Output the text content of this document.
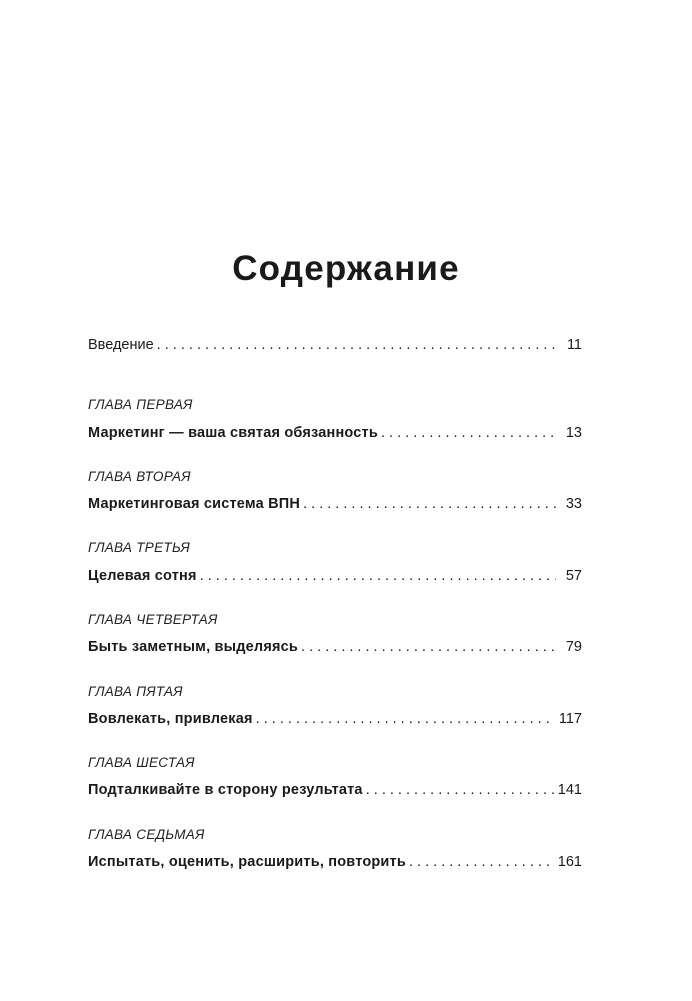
Содержание
Введение . . .	11
ГЛАВА ПЕРВАЯ
Маркетинг — ваша святая обязанность . . .	13
ГЛАВА ВТОРАЯ
Маркетинговая система ВПН . . .	33
ГЛАВА ТРЕТЬЯ
Целевая сотня . . .	57
ГЛАВА ЧЕТВЕРТАЯ
Быть заметным, выделяясь . . .	79
ГЛАВА ПЯТАЯ
Вовлекать, привлекая . . .	117
ГЛАВА ШЕСТАЯ
Подталкивайте в сторону результата . . .	141
ГЛАВА СЕДЬМАЯ
Испытать, оценить, расширить, повторить . . .	161
